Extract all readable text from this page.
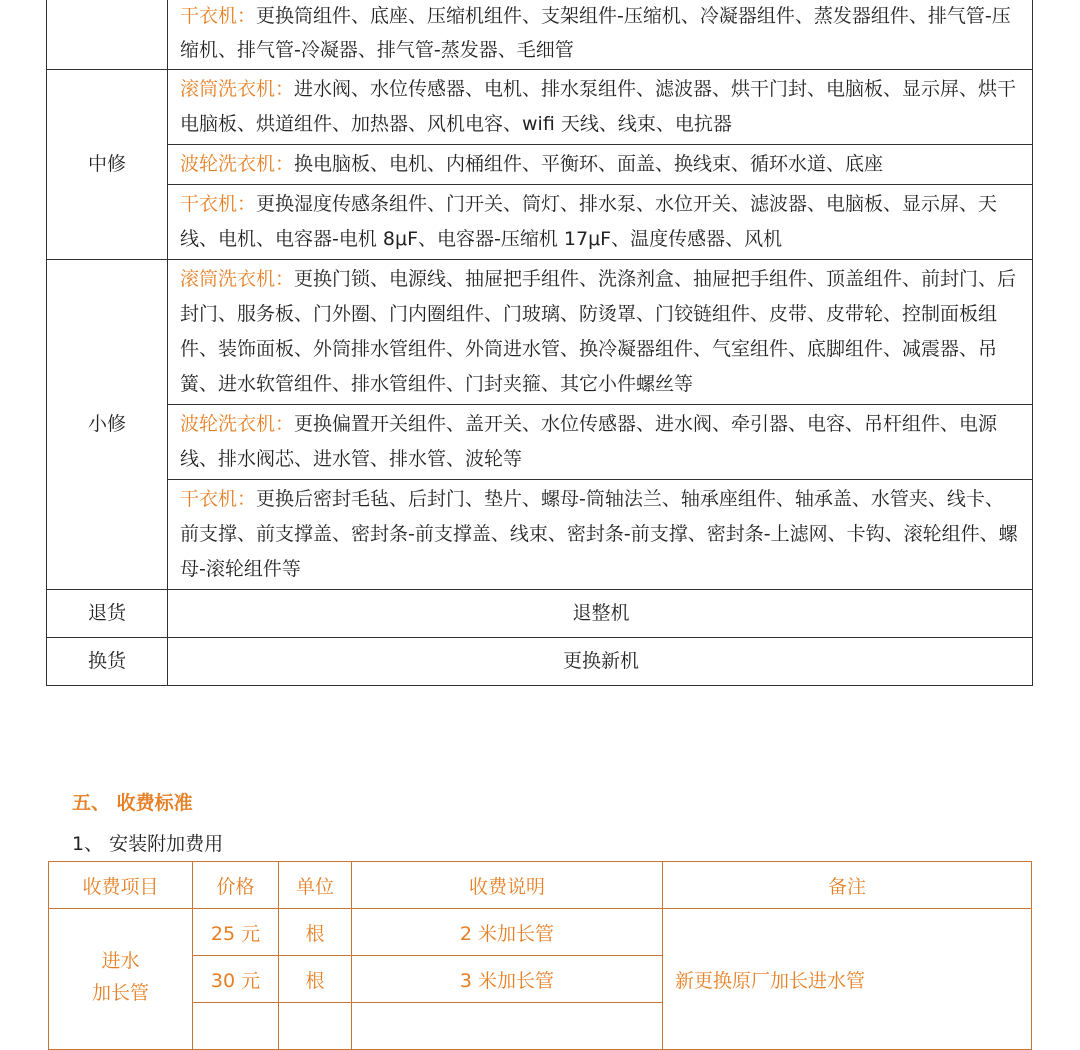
	干衣机：更换筒组件、底座、压缩机组件、支架组件-压缩机、冷凝器组件、蒸发器组件、排气管-压缩机、排气管-冷凝器、排气管-蒸发器、毛细管
中修	滚筒洗衣机：进水阀、水位传感器、电机、排水泵组件、滤波器、烘干门封、电脑板、显示屏、烘干电脑板、烘道组件、加热器、风机电容、wifi 天线、线束、电抗器
	波轮洗衣机：换电脑板、电机、内桶组件、平衡环、面盖、换线束、循环水道、底座
	干衣机：更换湿度传感条组件、门开关、筒灯、排水泵、水位开关、滤波器、电脑板、显示屏、天线、电机、电容器-电机 8μF、电容器-压缩机 17μF、温度传感器、风机
小修	滚筒洗衣机：更换门锁、电源线、抽屉把手组件、洗涤剂盒、抽屉把手组件、顶盖组件、前封门、后封门、服务板、门外圈、门内圈组件、门玻璃、防烫罩、门铰链组件、皮带、皮带轮、控制面板组件、装饰面板、外筒排水管组件、外筒进水管、换冷凝器组件、气室组件、底脚组件、减震器、吊簧、进水软管组件、排水管组件、门封夹箍、其它小件螺丝等
	波轮洗衣机：更换偏置开关组件、盖开关、水位传感器、进水阀、牵引器、电容、吊杆组件、电源线、排水阀芯、进水管、排水管、波轮等
	干衣机：更换后密封毛毡、后封门、垫片、螺母-筒轴法兰、轴承座组件、轴承盖、水管夹、线卡、前支撑、前支撑盖、密封条-前支撑盖、线束、密封条-前支撑、密封条-上滤网、卡钩、滚轮组件、螺母-滚轮组件等
退货	退整机
换货	更换新机
五、 收费标准
1、 安装附加费用
收费项目	价格	单位	收费说明	备注
进水
加长管	25 元	根	2 米加长管	新更换原厂加长进水管
	30 元	根	3 米加长管	
